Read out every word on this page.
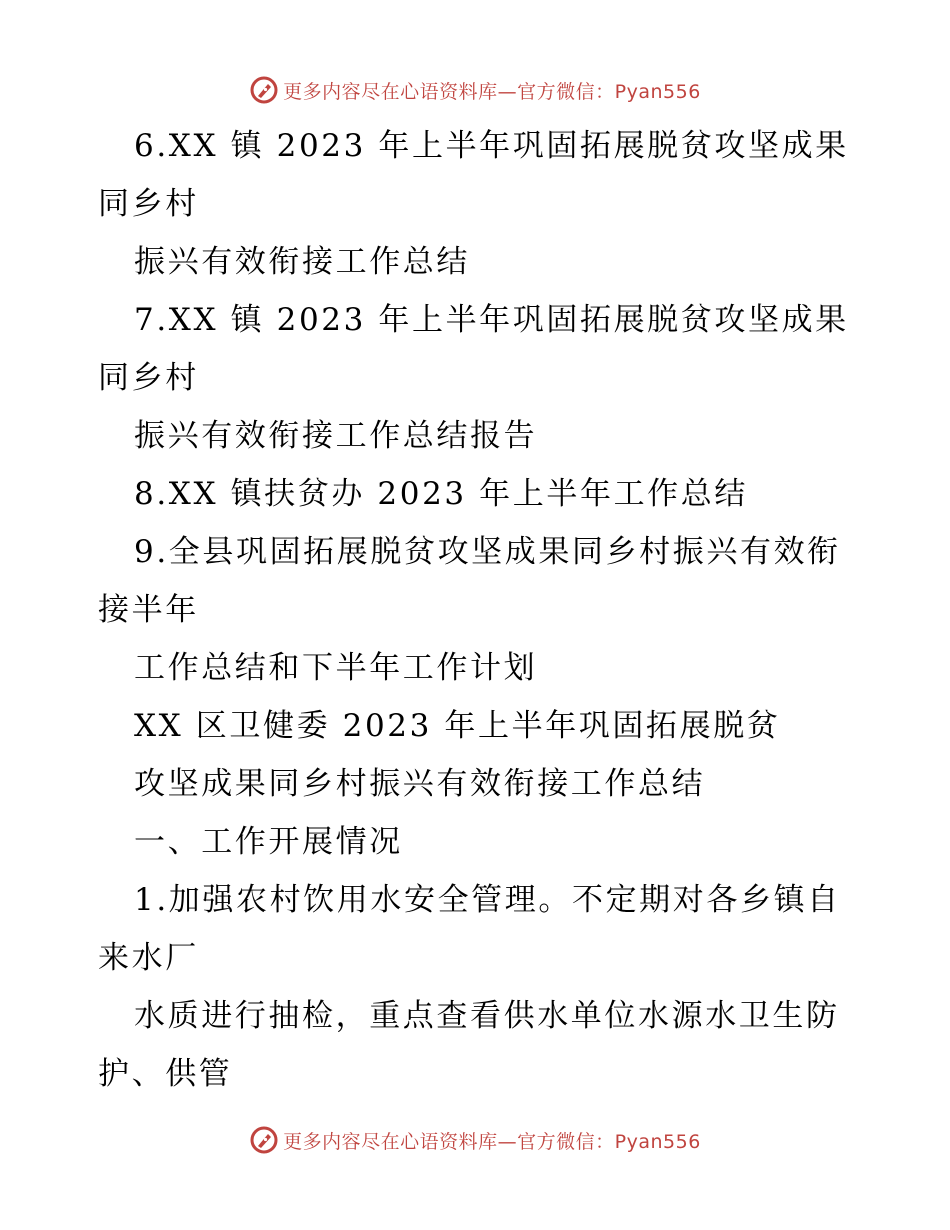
更多内容尽在心语资料库—官方微信：Pyan556
6.XX 镇 2023 年上半年巩固拓展脱贫攻坚成果
同乡村
振兴有效衔接工作总结
7.XX 镇 2023 年上半年巩固拓展脱贫攻坚成果
同乡村
振兴有效衔接工作总结报告
8.XX 镇扶贫办 2023 年上半年工作总结
9.全县巩固拓展脱贫攻坚成果同乡村振兴有效衔
接半年
工作总结和下半年工作计划
XX 区卫健委 2023 年上半年巩固拓展脱贫
攻坚成果同乡村振兴有效衔接工作总结
一、工作开展情况
1.加强农村饮用水安全管理。不定期对各乡镇自
来水厂
水质进行抽检，重点查看供水单位水源水卫生防
护、供管
更多内容尽在心语资料库—官方微信：Pyan556
